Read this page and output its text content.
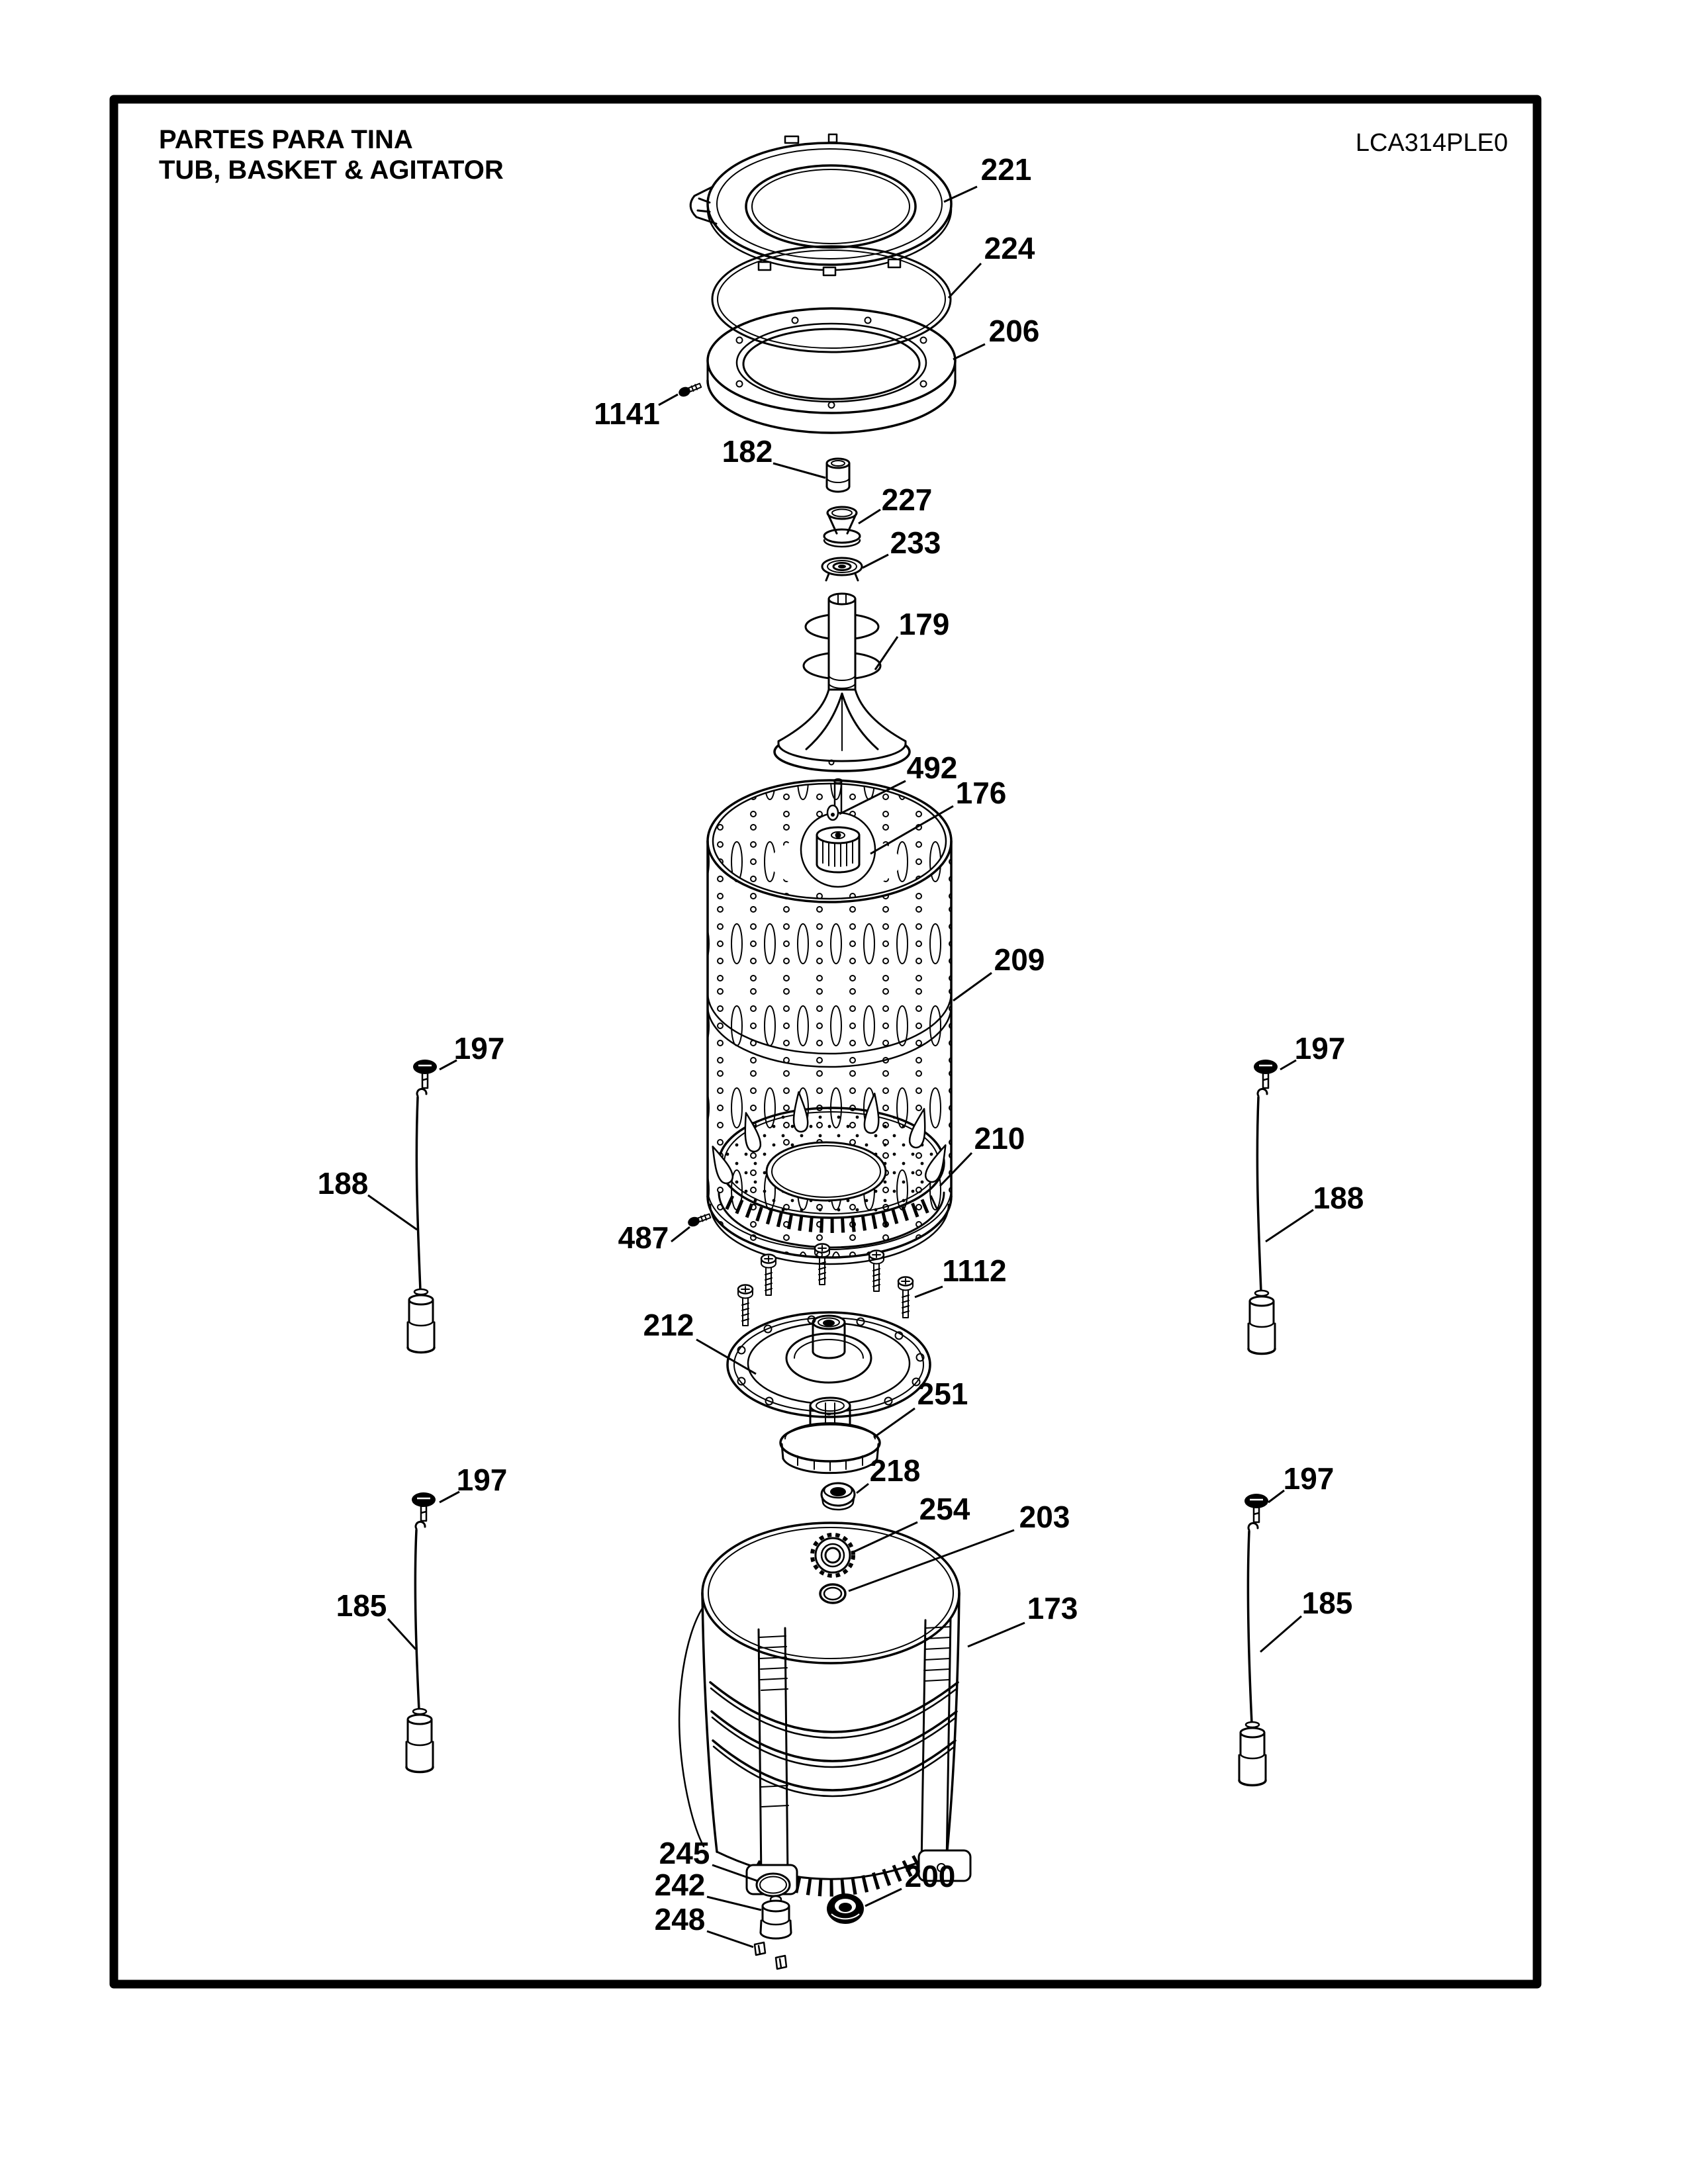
PARTES PARA TINA
TUB, BASKET & AGITATOR
LCA314PLE0
221
224
206
1141
182
227
233
179
492
176
209
197
188
197
188
210
487
1112
212
251
218
254 203
173
197
185
197
185
245
242
248
200
